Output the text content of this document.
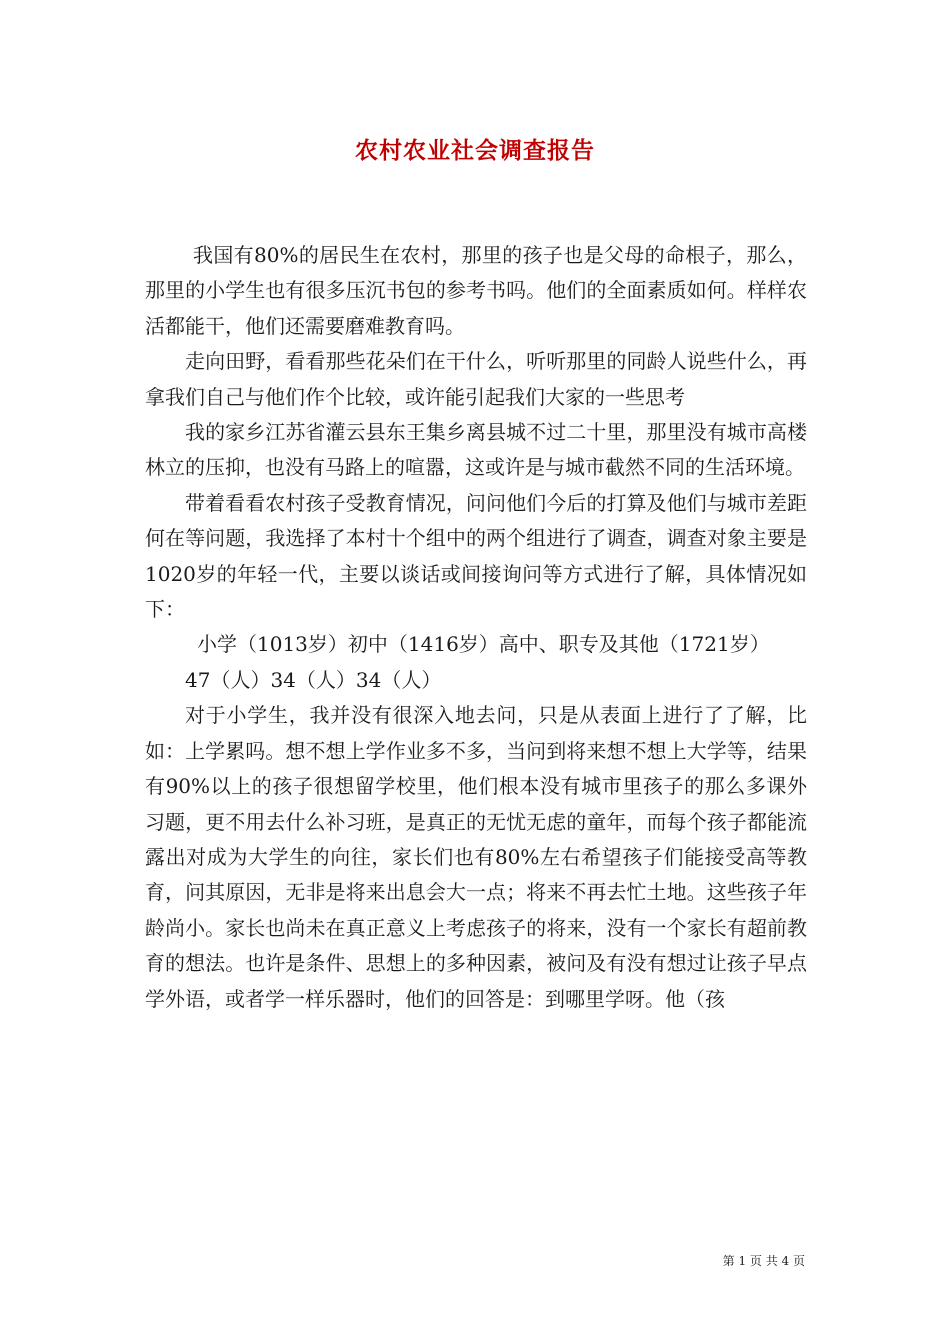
农村农业社会调查报告

我国有80%的居民生在农村，那里的孩子也是父母的命根子，那么，那里的小学生也有很多压沉书包的参考书吗。他们的全面素质如何。样样农活都能干，他们还需要磨难教育吗。

走向田野，看看那些花朵们在干什么，听听那里的同龄人说些什么，再拿我们自己与他们作个比较，或许能引起我们大家的一些思考

我的家乡江苏省灌云县东王集乡离县城不过二十里，那里没有城市高楼林立的压抑，也没有马路上的喧嚣，这或许是与城市截然不同的生活环境。

带着看看农村孩子受教育情况，问问他们今后的打算及他们与城市差距何在等问题，我选择了本村十个组中的两个组进行了调查，调查对象主要是1020岁的年轻一代，主要以谈话或间接询问等方式进行了解，具体情况如下：

小学（1013岁）初中（1416岁）高中、职专及其他（1721岁）

47（人）34（人）34（人）

对于小学生，我并没有很深入地去问，只是从表面上进行了了解，比如：上学累吗。想不想上学作业多不多，当问到将来想不想上大学等，结果有90%以上的孩子很想留学校里，他们根本没有城市里孩子的那么多课外习题，更不用去什么补习班，是真正的无忧无虑的童年，而每个孩子都能流露出对成为大学生的向往，家长们也有80%左右希望孩子们能接受高等教育，问其原因，无非是将来出息会大一点；将来不再去忙土地。这些孩子年龄尚小。家长也尚未在真正意义上考虑孩子的将来，没有一个家长有超前教育的想法。也许是条件、思想上的多种因素，被问及有没有想过让孩子早点学外语，或者学一样乐器时，他们的回答是：到哪里学呀。他（孩

第 1 页 共 4 页
